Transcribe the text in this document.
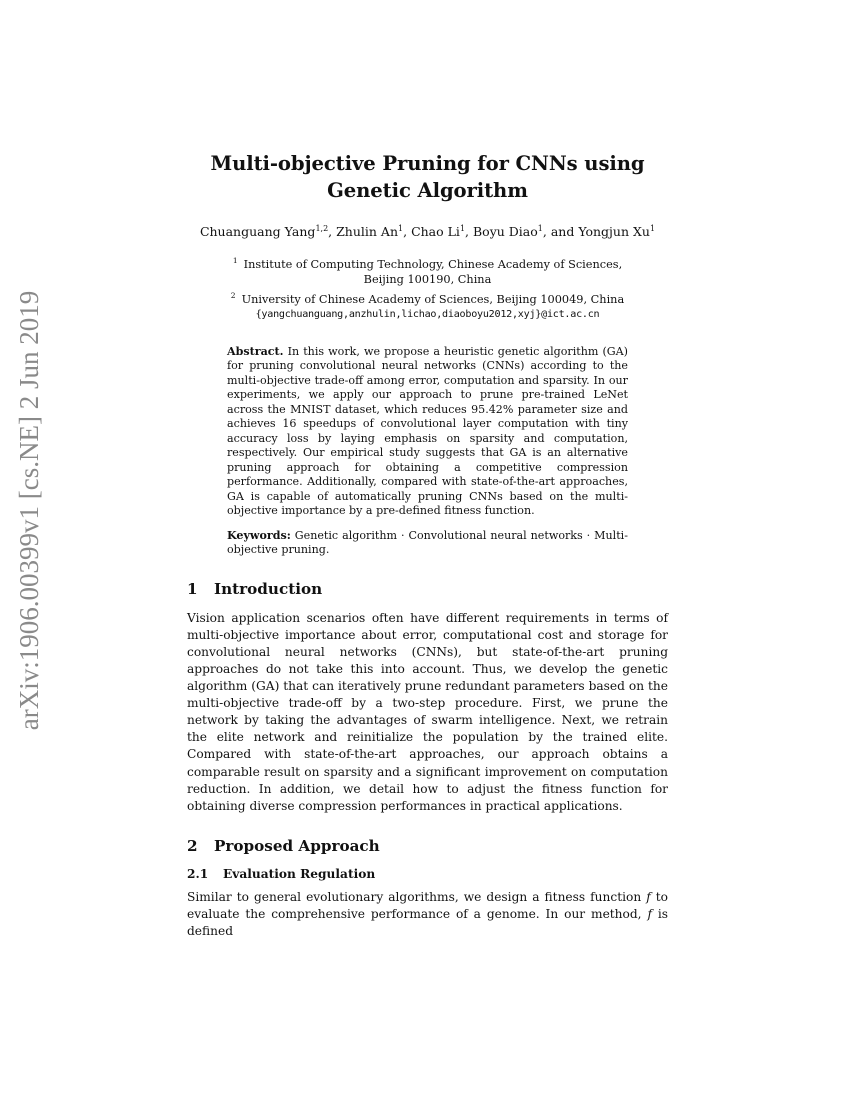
arXiv:1906.00399v1 [cs.NE] 2 Jun 2019
Multi-objective Pruning for CNNs using Genetic Algorithm
Chuanguang Yang$^{1,2}$, Zhulin An$^1$, Chao Li$^1$, Boyu Diao$^1$, and Yongjun Xu$^1$
$^1$ Institute of Computing Technology, Chinese Academy of Sciences,
Beijing 100190, China
$^2$ University of Chinese Academy of Sciences, Beijing 100049, China
{yangchuanguang,anzhulin,lichao,diaoboyu2012,xyj}@ict.ac.cn
Abstract. In this work, we propose a heuristic genetic algorithm (GA) for pruning convolutional neural networks (CNNs) according to the multi-objective trade-off among error, computation and sparsity. In our experiments, we apply our approach to prune pre-trained LeNet across the MNIST dataset, which reduces 95.42% parameter size and achieves 16 speedups of convolutional layer computation with tiny accuracy loss by laying emphasis on sparsity and computation, respectively. Our empirical study suggests that GA is an alternative pruning approach for obtaining a competitive compression performance. Additionally, compared with state-of-the-art approaches, GA is capable of automatically pruning CNNs based on the multi-objective importance by a pre-defined fitness function.
Keywords: Genetic algorithm · Convolutional neural networks · Multi-objective pruning.
1 Introduction
Vision application scenarios often have different requirements in terms of multi-objective importance about error, computational cost and storage for convolutional neural networks (CNNs), but state-of-the-art pruning approaches do not take this into account. Thus, we develop the genetic algorithm (GA) that can iteratively prune redundant parameters based on the multi-objective trade-off by a two-step procedure. First, we prune the network by taking the advantages of swarm intelligence. Next, we retrain the elite network and reinitialize the population by the trained elite. Compared with state-of-the-art approaches, our approach obtains a comparable result on sparsity and a significant improvement on computation reduction. In addition, we detail how to adjust the fitness function for obtaining diverse compression performances in practical applications.
2 Proposed Approach
2.1 Evaluation Regulation
Similar to general evolutionary algorithms, we design a fitness function f to evaluate the comprehensive performance of a genome. In our method, f is defined
